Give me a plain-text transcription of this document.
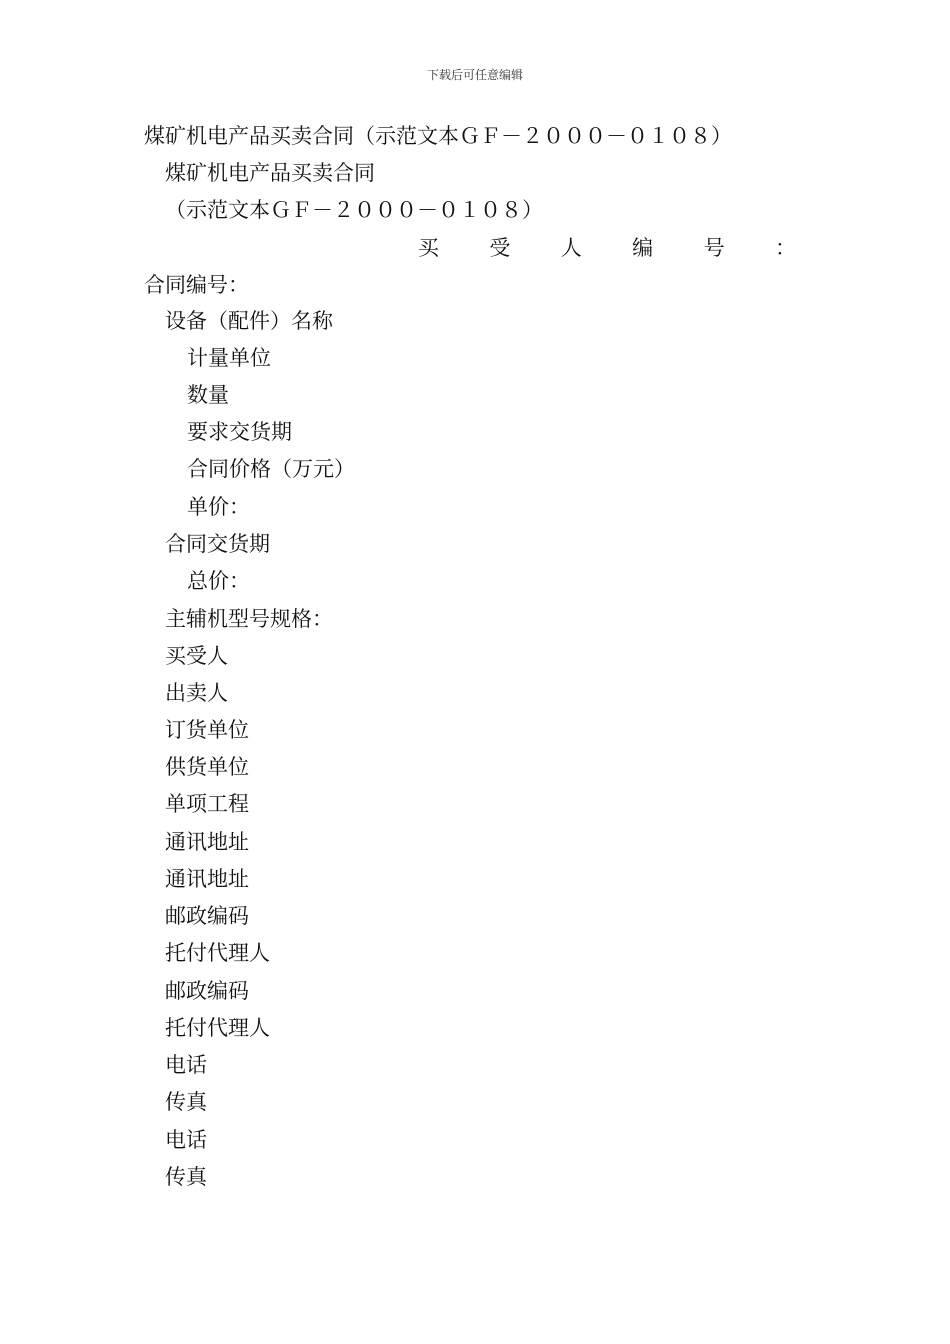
下载后可任意编辑
煤矿机电产品买卖合同（示范文本ＧＦ－２０００－０１０８）
煤矿机电产品买卖合同
（示范文本ＧＦ－２０００－０１０８）
买 受 人 编 号 ：
合同编号：
设备（配件）名称
计量单位
数量
要求交货期
合同价格（万元）
单价：
合同交货期
总价：
主辅机型号规格：
买受人
出卖人
订货单位
供货单位
单项工程
通讯地址
通讯地址
邮政编码
托付代理人
邮政编码
托付代理人
电话
传真
电话
传真
